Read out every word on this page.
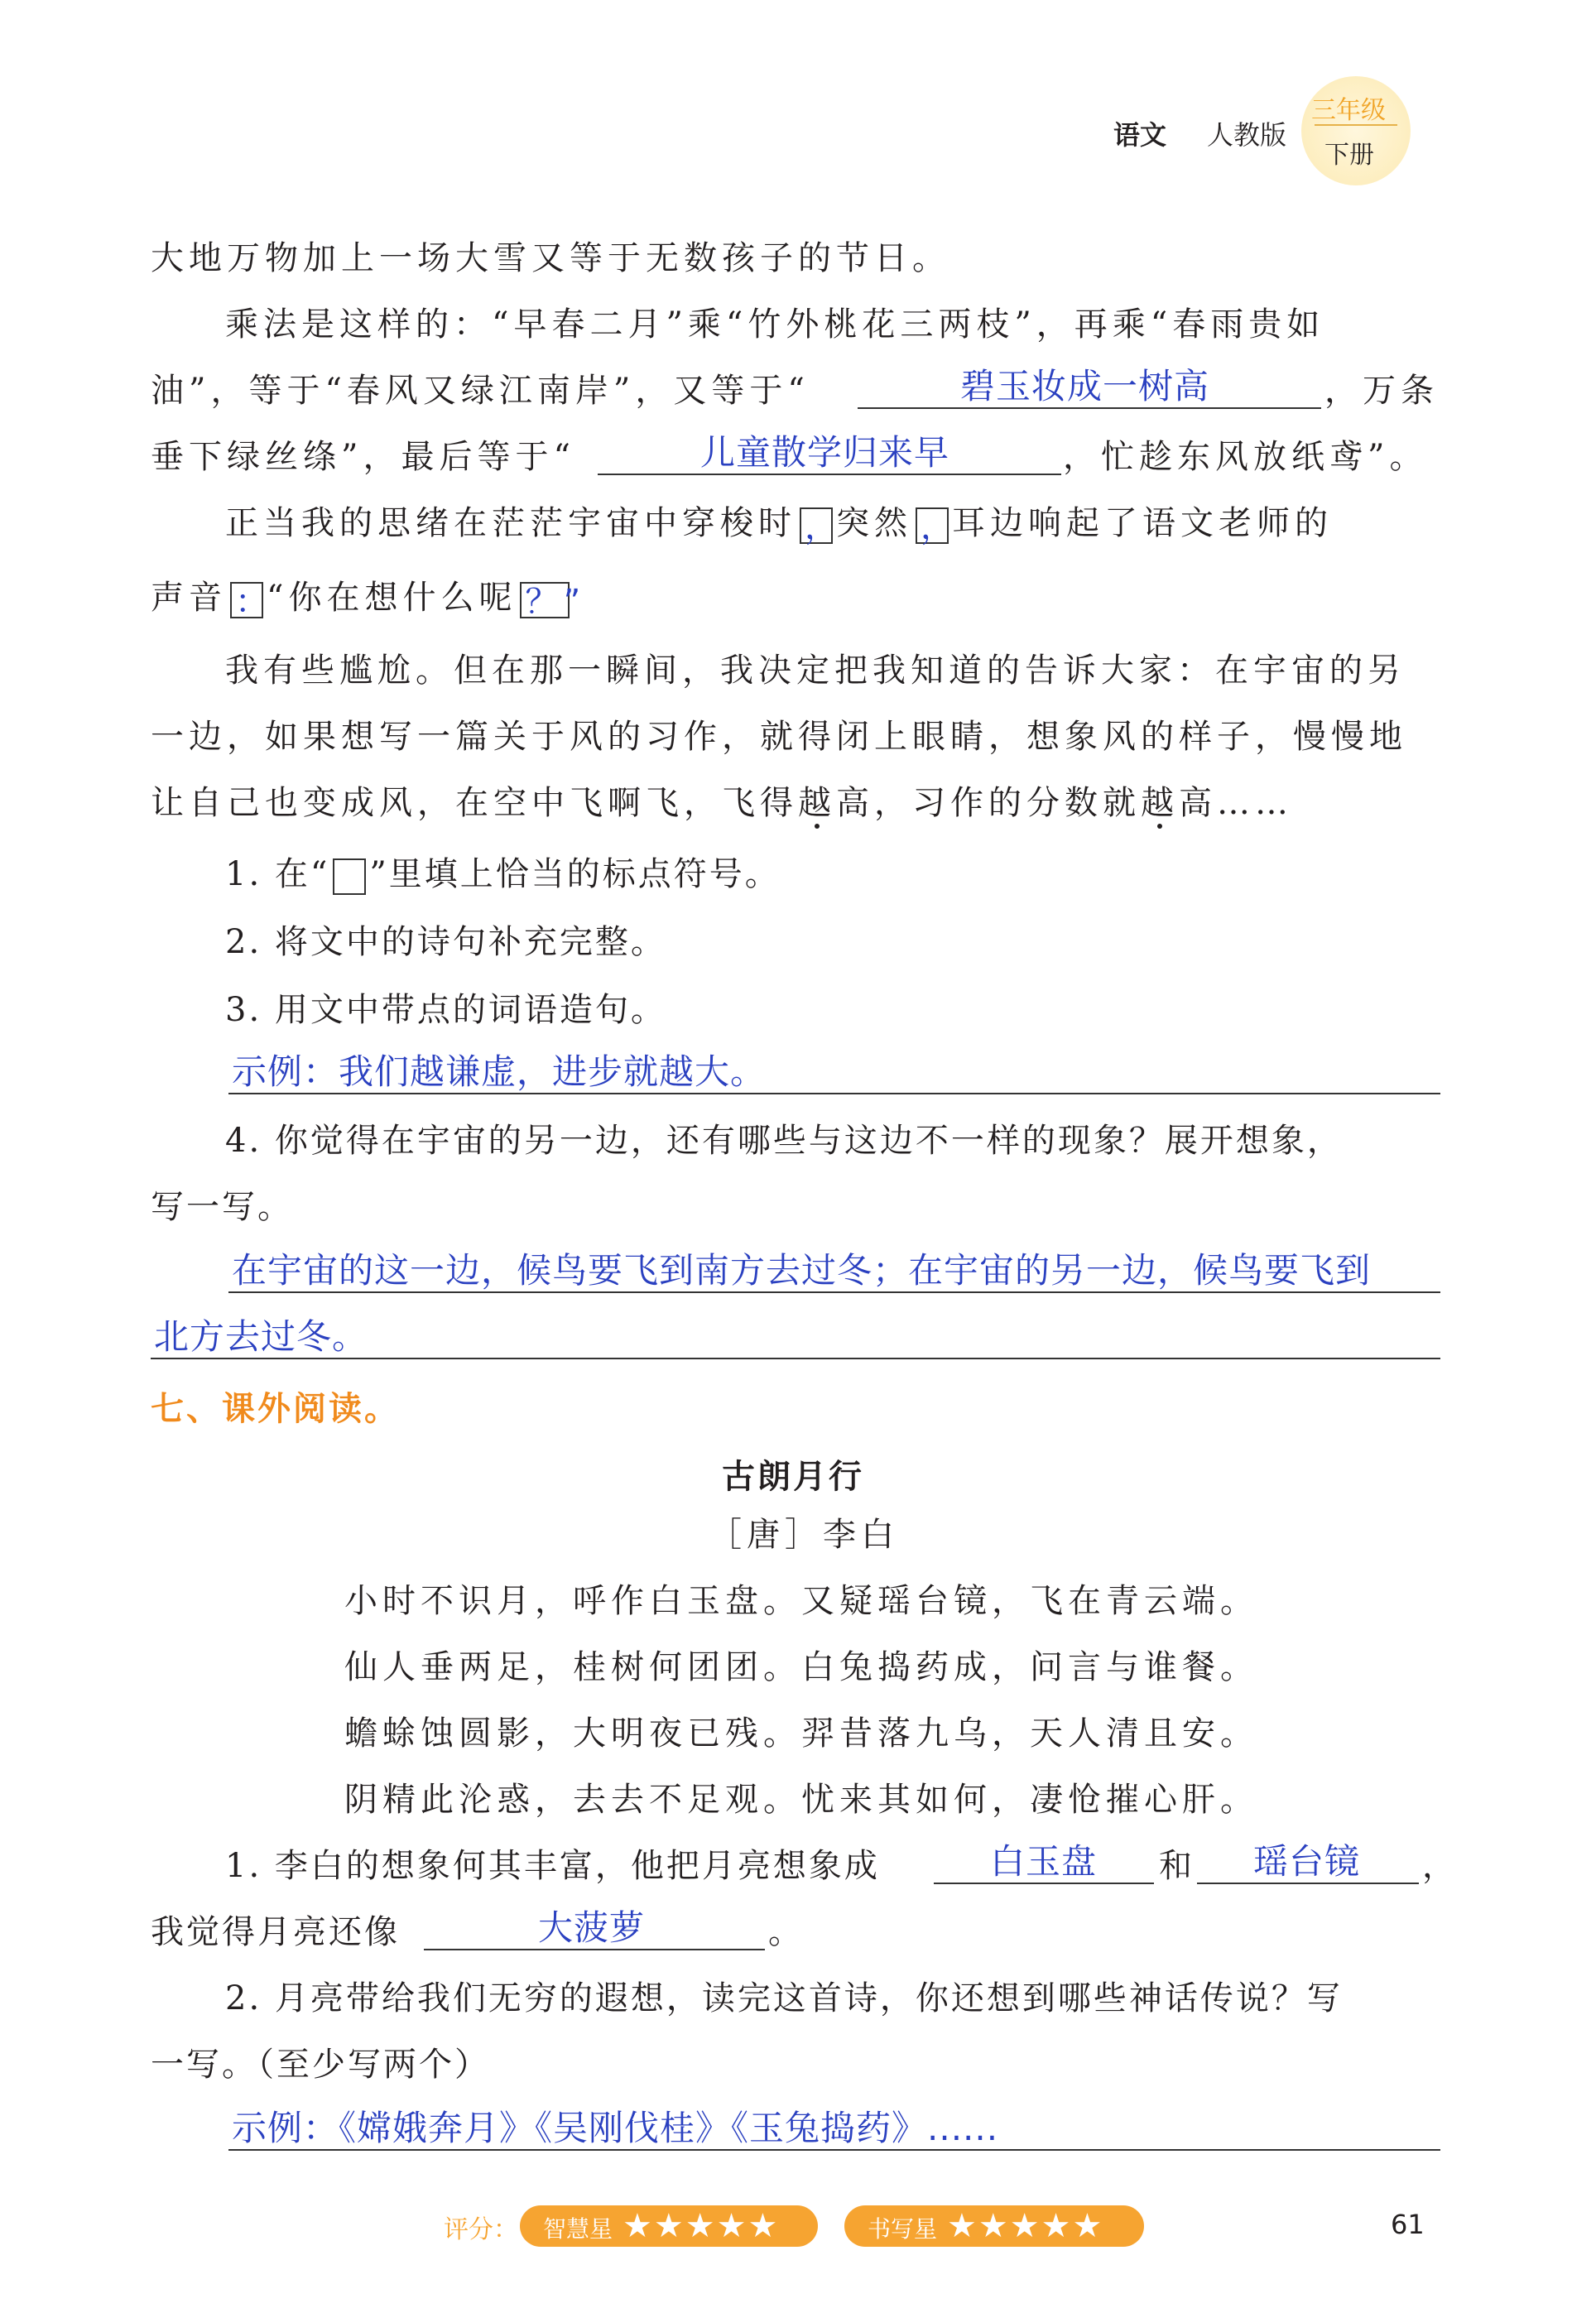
语文 人教版
三年级
下册
大地万物加上一场大雪又等于无数孩子的节日。
乘法是这样的：“早春二月”乘“竹外桃花三两枝”，再乘“春雨贵如
油”，等于“春风又绿江南岸”，又等于“	碧玉妆成一树高	，万条
垂下绿丝绦”，最后等于“	儿童散学归来早	，忙趁东风放纸鸢”。
正当我的思绪在茫茫宇宙中穿梭时 ，
突然 ，
耳边响起了语文老师的
声音 ：
“你在想什么呢 ？”
我有些尴尬。但在那一瞬间，我决定把我知道的告诉大家：在宇宙的另
一边，如果想写一篇关于风的习作，就得闭上眼睛，想象风的样子，慢慢地
让自己也变成风，在空中飞啊飞，飞得越高，习作的分数就越高……
1. 在“ ”里填上恰当的标点符号。
2. 将文中的诗句补充完整。
3. 用文中带点的词语造句。
示例：我们越谦虚，进步就越大。
4. 你觉得在宇宙的另一边，还有哪些与这边不一样的现象？展开想象，
写一写。
在宇宙的这一边，候鸟要飞到南方去过冬；在宇宙的另一边，候鸟要飞到
北方去过冬。
七、课外阅读。
古朗月行
［唐］李白
小时不识月，呼作白玉盘。又疑瑶台镜，飞在青云端。
仙人垂两足，桂树何团团。白兔捣药成，问言与谁餐。
蟾蜍蚀圆影，大明夜已残。羿昔落九乌，天人清且安。
阴精此沦惑，去去不足观。忧来其如何，凄怆摧心肝。
1. 李白的想象何其丰富，他把月亮想象成	白玉盘 和 瑶台镜 ，
我觉得月亮还像	大菠萝	。
2. 月亮带给我们无穷的遐想，读完这首诗，你还想到哪些神话传说？写
一写。（至少写两个）
示例：《嫦娥奔月》《吴刚伐桂》《玉兔捣药》......
评分：	智慧星 ★★★★★	书写星 ★★★★★	61
